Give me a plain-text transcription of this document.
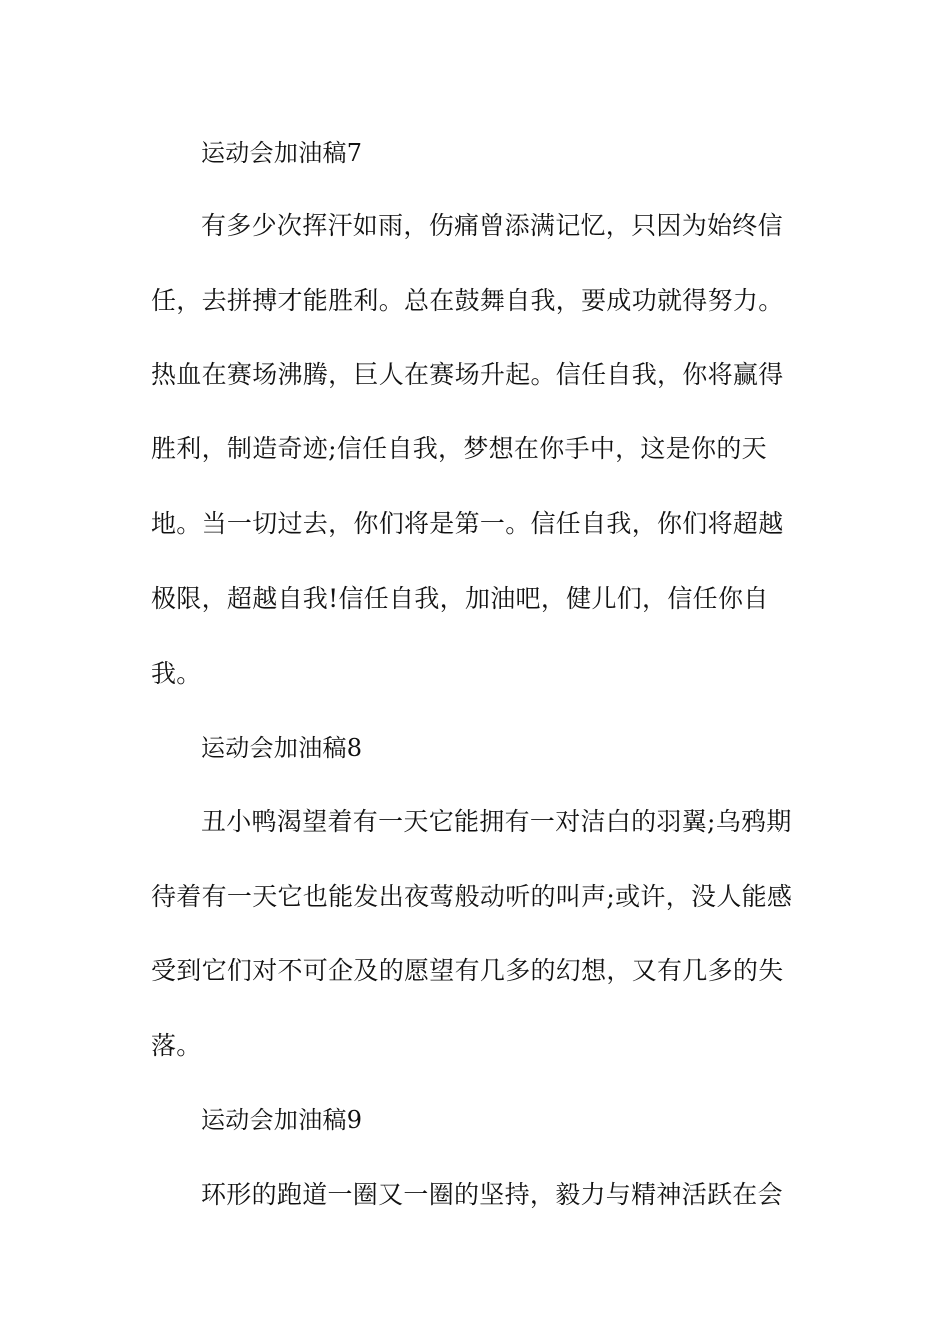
运动会加油稿7
有多少次挥汗如雨，伤痛曾添满记忆，只因为始终信
任，去拼搏才能胜利。总在鼓舞自我，要成功就得努力。
热血在赛场沸腾，巨人在赛场升起。信任自我，你将赢得
胜利，制造奇迹;信任自我，梦想在你手中，这是你的天
地。当一切过去，你们将是第一。信任自我，你们将超越
极限，超越自我!信任自我，加油吧，健儿们，信任你自
我。
运动会加油稿8
丑小鸭渴望着有一天它能拥有一对洁白的羽翼;乌鸦期
待着有一天它也能发出夜莺般动听的叫声;或许，没人能感
受到它们对不可企及的愿望有几多的幻想，又有几多的失
落。
运动会加油稿9
环形的跑道一圈又一圈的坚持，毅力与精神活跃在会
